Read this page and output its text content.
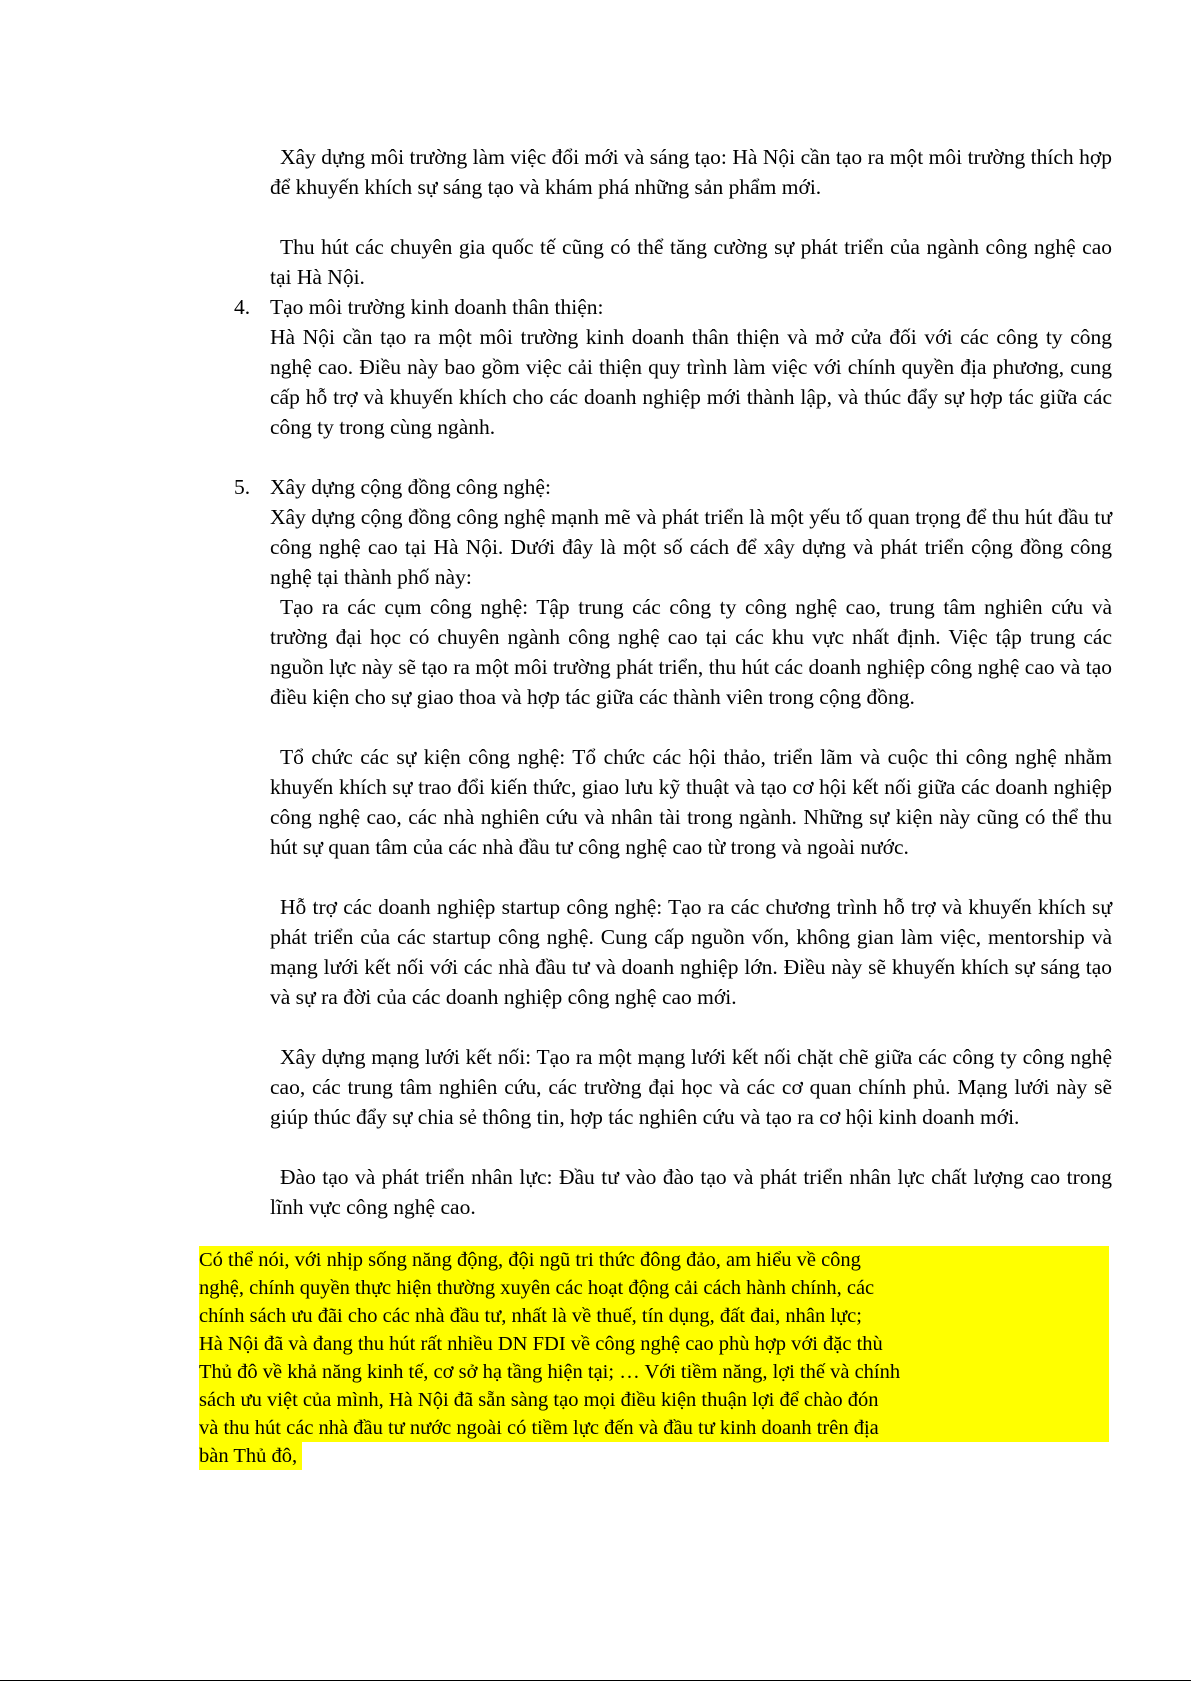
Xây dựng môi trường làm việc đổi mới và sáng tạo: Hà Nội cần tạo ra một môi trường thích hợp để khuyến khích sự sáng tạo và khám phá những sản phẩm mới.
Thu hút các chuyên gia quốc tế cũng có thể tăng cường sự phát triển của ngành công nghệ cao tại Hà Nội.
4. Tạo môi trường kinh doanh thân thiện:
Hà Nội cần tạo ra một môi trường kinh doanh thân thiện và mở cửa đối với các công ty công nghệ cao. Điều này bao gồm việc cải thiện quy trình làm việc với chính quyền địa phương, cung cấp hỗ trợ và khuyến khích cho các doanh nghiệp mới thành lập, và thúc đẩy sự hợp tác giữa các công ty trong cùng ngành.
5. Xây dựng cộng đồng công nghệ:
Xây dựng cộng đồng công nghệ mạnh mẽ và phát triển là một yếu tố quan trọng để thu hút đầu tư công nghệ cao tại Hà Nội. Dưới đây là một số cách để xây dựng và phát triển cộng đồng công nghệ tại thành phố này:
Tạo ra các cụm công nghệ: Tập trung các công ty công nghệ cao, trung tâm nghiên cứu và trường đại học có chuyên ngành công nghệ cao tại các khu vực nhất định. Việc tập trung các nguồn lực này sẽ tạo ra một môi trường phát triển, thu hút các doanh nghiệp công nghệ cao và tạo điều kiện cho sự giao thoa và hợp tác giữa các thành viên trong cộng đồng.
Tổ chức các sự kiện công nghệ: Tổ chức các hội thảo, triển lãm và cuộc thi công nghệ nhằm khuyến khích sự trao đổi kiến thức, giao lưu kỹ thuật và tạo cơ hội kết nối giữa các doanh nghiệp công nghệ cao, các nhà nghiên cứu và nhân tài trong ngành. Những sự kiện này cũng có thể thu hút sự quan tâm của các nhà đầu tư công nghệ cao từ trong và ngoài nước.
Hỗ trợ các doanh nghiệp startup công nghệ: Tạo ra các chương trình hỗ trợ và khuyến khích sự phát triển của các startup công nghệ. Cung cấp nguồn vốn, không gian làm việc, mentorship và mạng lưới kết nối với các nhà đầu tư và doanh nghiệp lớn. Điều này sẽ khuyến khích sự sáng tạo và sự ra đời của các doanh nghiệp công nghệ cao mới.
Xây dựng mạng lưới kết nối: Tạo ra một mạng lưới kết nối chặt chẽ giữa các công ty công nghệ cao, các trung tâm nghiên cứu, các trường đại học và các cơ quan chính phủ. Mạng lưới này sẽ giúp thúc đẩy sự chia sẻ thông tin, hợp tác nghiên cứu và tạo ra cơ hội kinh doanh mới.
Đào tạo và phát triển nhân lực: Đầu tư vào đào tạo và phát triển nhân lực chất lượng cao trong lĩnh vực công nghệ cao.
Có thể nói, với nhịp sống năng động, đội ngũ tri thức đông đảo, am hiểu về công
nghệ, chính quyền thực hiện thường xuyên các hoạt động cải cách hành chính, các
chính sách ưu đãi cho các nhà đầu tư, nhất là về thuế, tín dụng, đất đai, nhân lực;
Hà Nội đã và đang thu hút rất nhiều DN FDI về công nghệ cao phù hợp với đặc thù
Thủ đô về khả năng kinh tế, cơ sở hạ tầng hiện tại; … Với tiềm năng, lợi thế và chính
sách ưu việt của mình, Hà Nội đã sẵn sàng tạo mọi điều kiện thuận lợi để chào đón
và thu hút các nhà đầu tư nước ngoài có tiềm lực đến và đầu tư kinh doanh trên địa
bàn Thủ đô,
